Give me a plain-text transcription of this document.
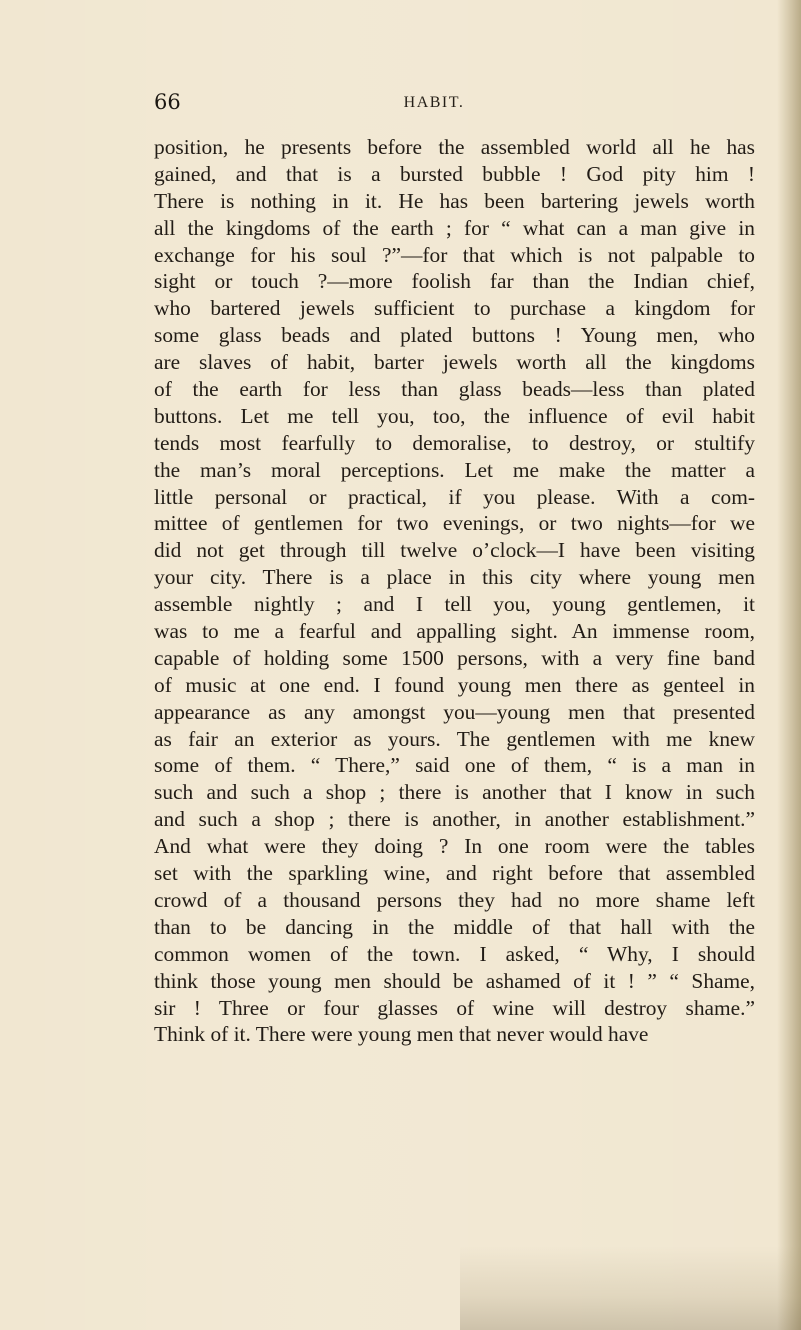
66	HABIT.
position, he presents before the assembled world all he has
gained, and that is a bursted bubble ! God pity him !
There is nothing in it. He has been bartering jewels worth
all the kingdoms of the earth ; for “ what can a man give in
exchange for his soul ?”—for that which is not palpable to
sight or touch ?—more foolish far than the Indian chief,
who bartered jewels sufficient to purchase a kingdom for
some glass beads and plated buttons ! Young men, who
are slaves of habit, barter jewels worth all the kingdoms
of the earth for less than glass beads—less than plated
buttons. Let me tell you, too, the influence of evil habit
tends most fearfully to demoralise, to destroy, or stultify
the man’s moral perceptions. Let me make the matter a
little personal or practical, if you please. With a com-
mittee of gentlemen for two evenings, or two nights—for we
did not get through till twelve o’clock—I have been visiting
your city. There is a place in this city where young men
assemble nightly ; and I tell you, young gentlemen, it
was to me a fearful and appalling sight. An immense room,
capable of holding some 1500 persons, with a very fine band
of music at one end. I found young men there as genteel in
appearance as any amongst you—young men that presented
as fair an exterior as yours. The gentlemen with me knew
some of them. “ There,” said one of them, “ is a man in
such and such a shop ; there is another that I know in such
and such a shop ; there is another, in another establishment.”
And what were they doing ? In one room were the tables
set with the sparkling wine, and right before that assembled
crowd of a thousand persons they had no more shame left
than to be dancing in the middle of that hall with the
common women of the town. I asked, “ Why, I should
think those young men should be ashamed of it ! ” “ Shame,
sir ! Three or four glasses of wine will destroy shame.”
Think of it. There were young men that never would have
